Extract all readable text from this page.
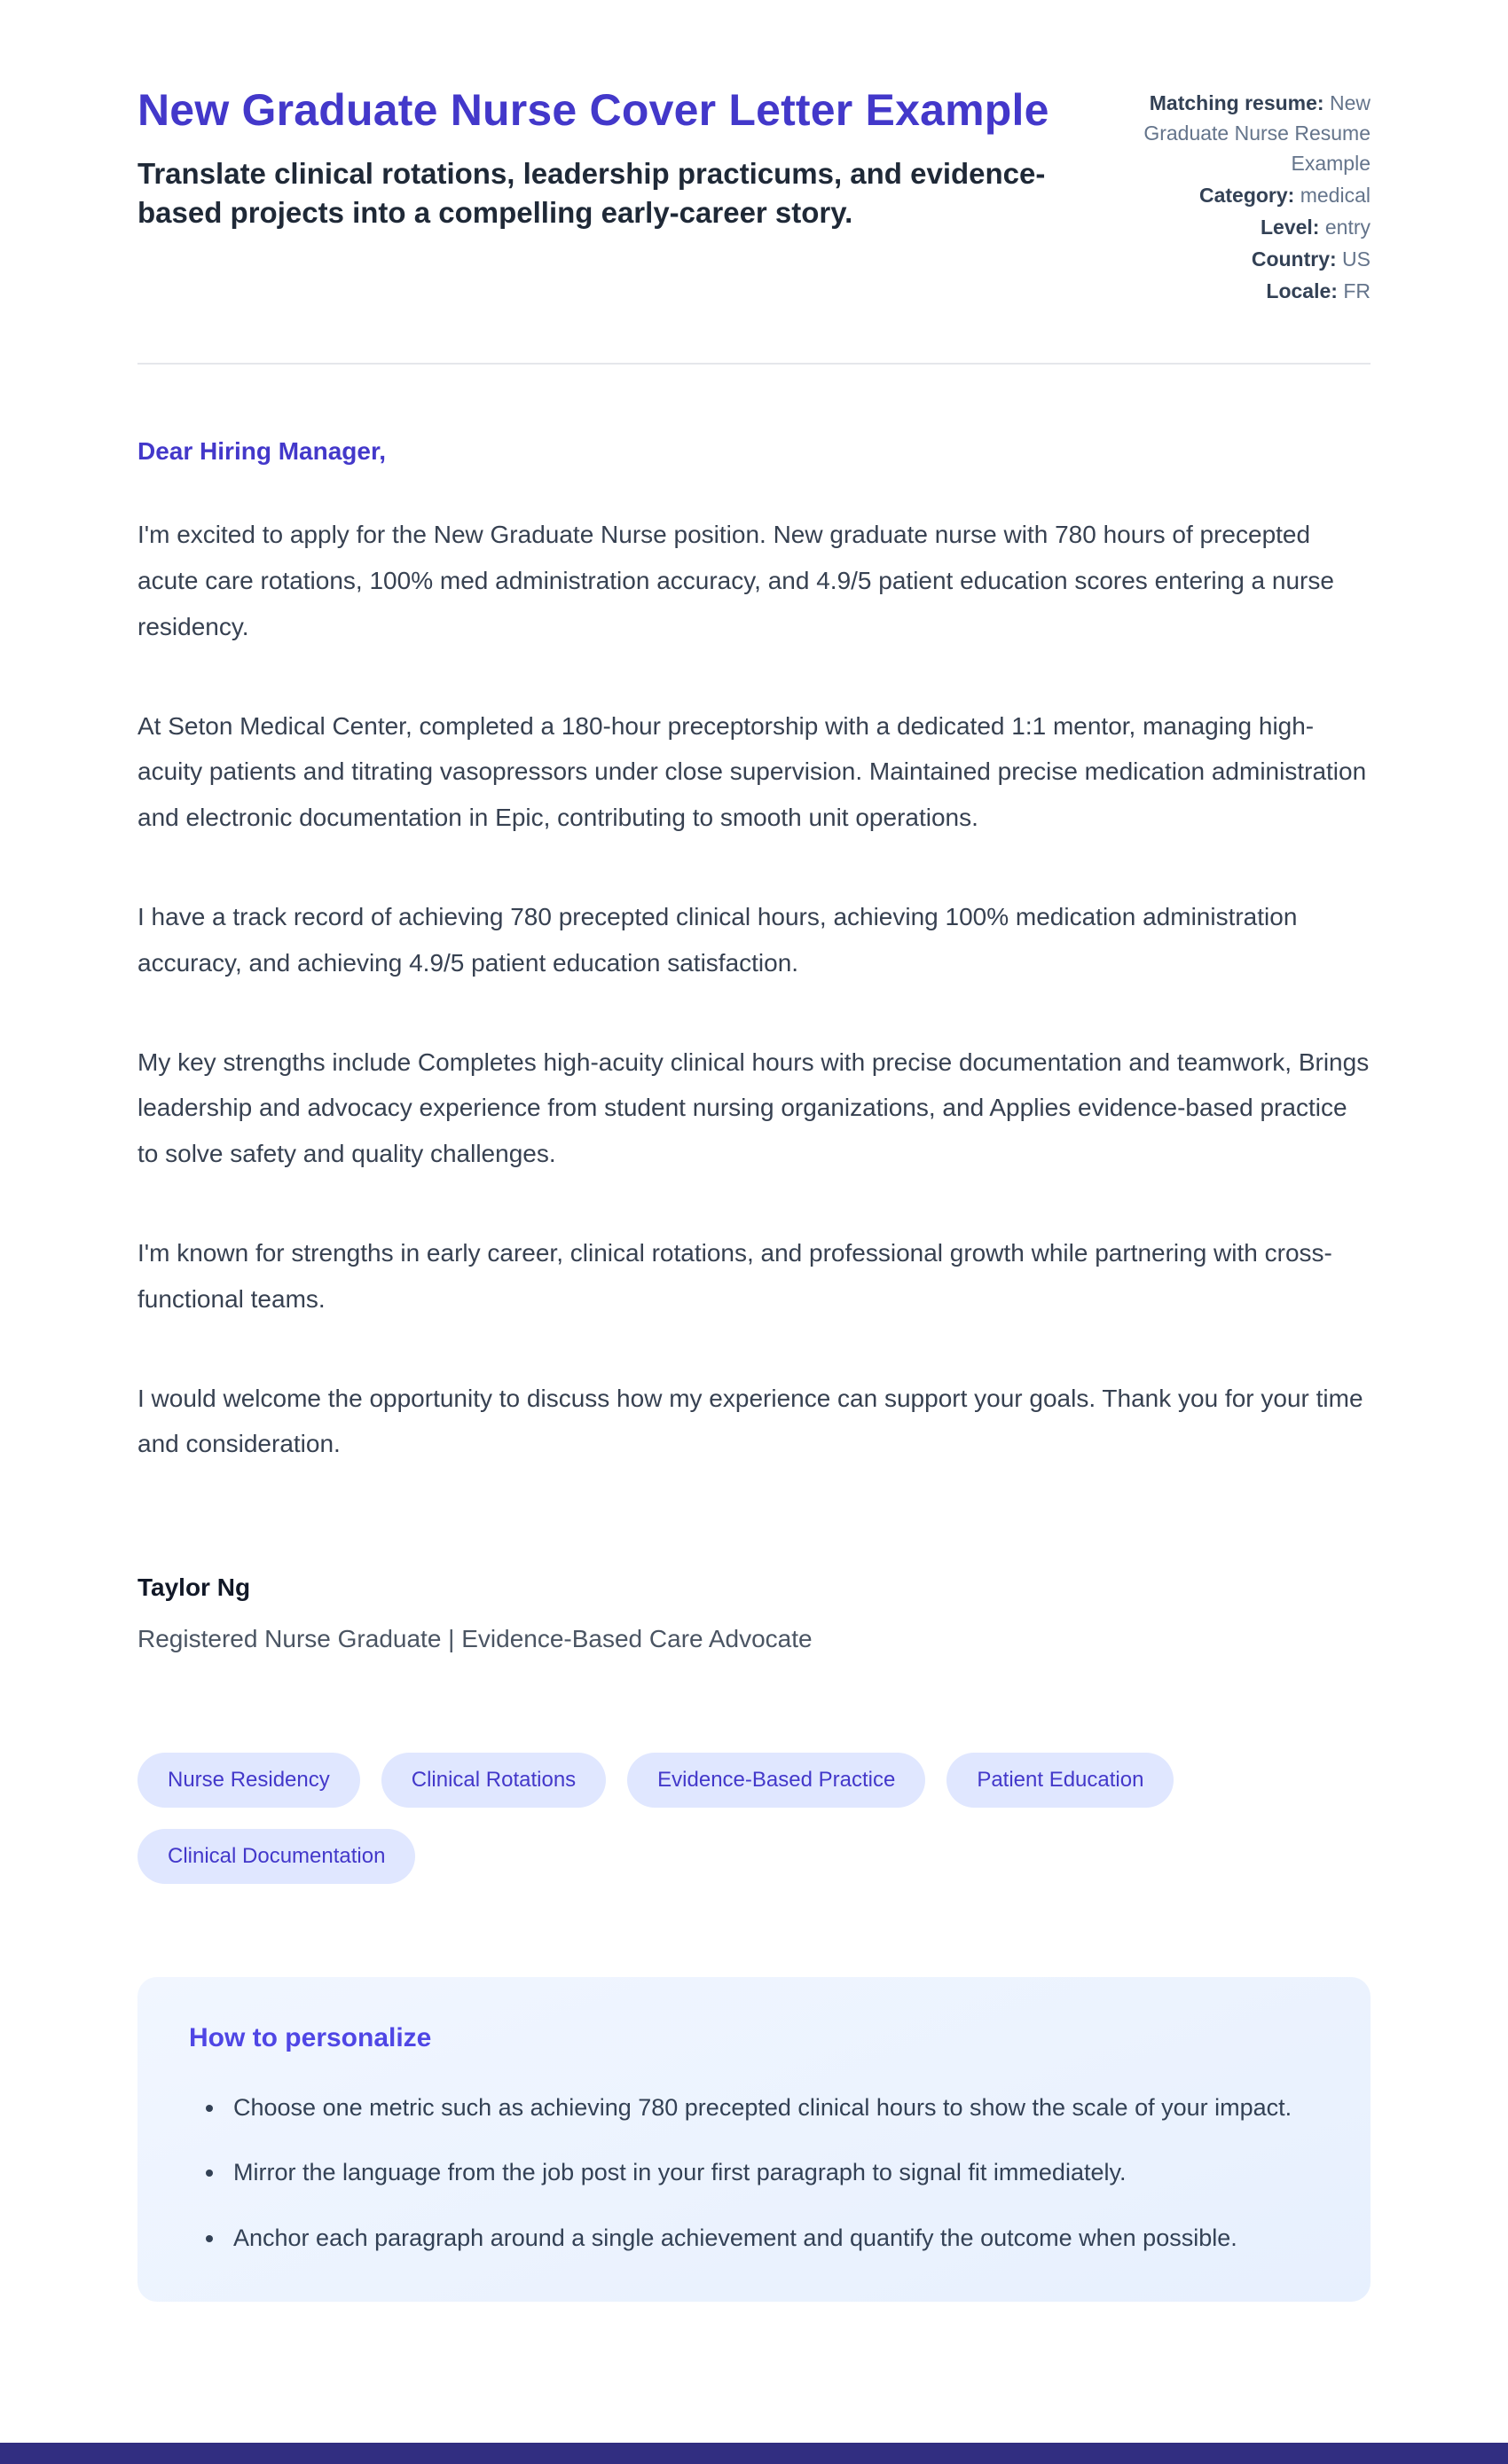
New Graduate Nurse Cover Letter Example

Translate clinical rotations, leadership practicums, and evidence-based projects into a compelling early-career story.

Matching resume: New Graduate Nurse Resume Example
Category: medical
Level: entry
Country: US
Locale: FR

Dear Hiring Manager,

I'm excited to apply for the New Graduate Nurse position. New graduate nurse with 780 hours of precepted acute care rotations, 100% med administration accuracy, and 4.9/5 patient education scores entering a nurse residency.

At Seton Medical Center, completed a 180-hour preceptorship with a dedicated 1:1 mentor, managing high-acuity patients and titrating vasopressors under close supervision. Maintained precise medication administration and electronic documentation in Epic, contributing to smooth unit operations.

I have a track record of achieving 780 precepted clinical hours, achieving 100% medication administration accuracy, and achieving 4.9/5 patient education satisfaction.

My key strengths include Completes high-acuity clinical hours with precise documentation and teamwork, Brings leadership and advocacy experience from student nursing organizations, and Applies evidence-based practice to solve safety and quality challenges.

I'm known for strengths in early career, clinical rotations, and professional growth while partnering with cross-functional teams.

I would welcome the opportunity to discuss how my experience can support your goals. Thank you for your time and consideration.

Taylor Ng

Registered Nurse Graduate | Evidence-Based Care Advocate

Nurse Residency	Clinical Rotations	Evidence-Based Practice	Patient Education
Clinical Documentation
How to personalize
• Choose one metric such as achieving 780 precepted clinical hours to show the scale of your impact.
• Mirror the language from the job post in your first paragraph to signal fit immediately.
• Anchor each paragraph around a single achievement and quantify the outcome when possible.
